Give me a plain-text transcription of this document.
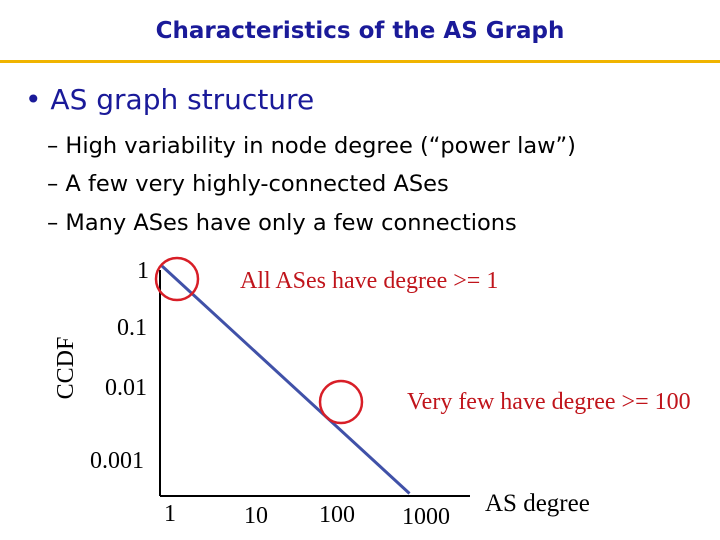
Characteristics of the AS Graph
• AS graph structure
– High variability in node degree (“power law”)
– A few very highly-connected ASes
– Many ASes have only a few connections
CCDF
1
0.1
0.01
0.001
1	10 100 1000 AS degree
All ASes have degree >= 1
Very few have degree >= 100
